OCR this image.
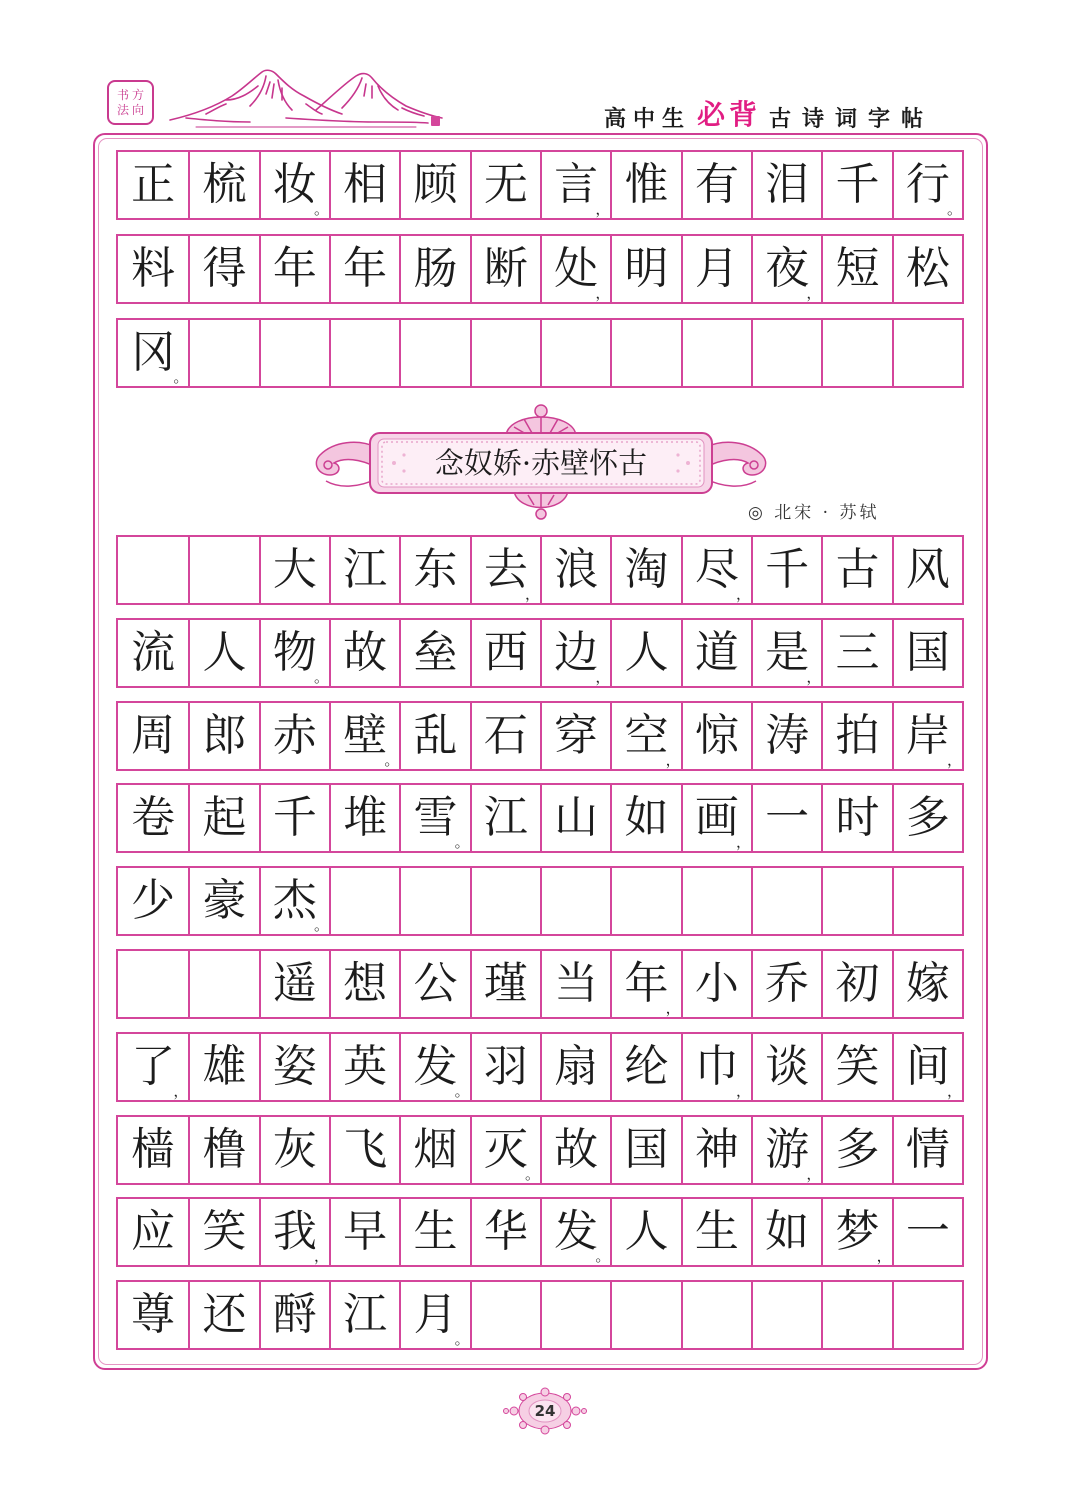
书方
法向	高中生 必背 古诗词字帖
正 梳 妆
。 相 顾 无 言
， 惟 有 泪 千 行
。
料 得 年 年 肠 断 处
， 明 月 夜
， 短 松
冈
。
念奴娇·赤壁怀古
◎ 北宋 · 苏轼
大 江 东 去
， 浪 淘 尽
， 千 古 风
流 人 物
。 故 垒 西 边
， 人 道 是
， 三 国
周 郎 赤 壁
。 乱 石 穿 空
， 惊 涛 拍 岸
，
卷 起 千 堆 雪
。 江 山 如 画
， 一 时 多
少 豪 杰
。
遥 想 公 瑾 当 年
， 小 乔 初 嫁
了
， 雄 姿 英 发
。 羽 扇 纶 巾
， 谈 笑 间
，
樯 橹 灰 飞 烟 灭
。 故 国 神 游
， 多 情
应 笑 我
， 早 生 华 发
。 人 生 如 梦
， 一
尊 还 酹 江 月
。
24
